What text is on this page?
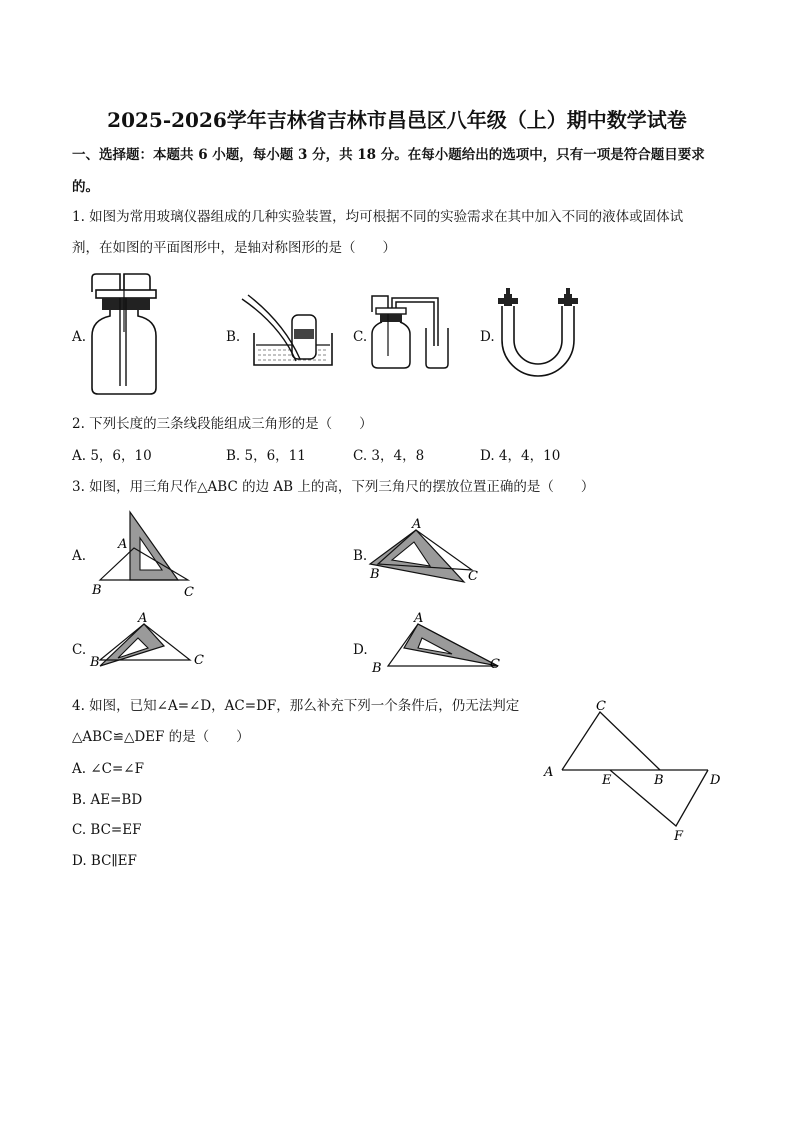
2025-2026学年吉林省吉林市昌邑区八年级（上）期中数学试卷
一、选择题：本题共 6 小题，每小题 3 分，共 18 分。在每小题给出的选项中，只有一项是符合题目要求
的。
1. 如图为常用玻璃仪器组成的几种实验装置，均可根据不同的实验需求在其中加入不同的液体或固体试
剂，在如图的平面图形中，是轴对称图形的是（　　）
A.	B.	C.	D.
2. 下列长度的三条线段能组成三角形的是（　　）
A. 5，6，10	B. 5，6，11	C. 3，4，8	D. 4，4，10
3. 如图，用三角尺作△ABC 的边 AB 上的高，下列三角尺的摆放位置正确的是（　　）
A.
A
B	C
B.
A
B	C
C.
A
B	C
D.
A
B	C
4. 如图，已知∠A=∠D，AC=DF，那么补充下列一个条件后，仍无法判定
△ABC≌△DEF 的是（　　）
A. ∠C=∠F
B. AE=BD
C. BC=EF
D. BC∥EF
C
A
E	B	D
F
